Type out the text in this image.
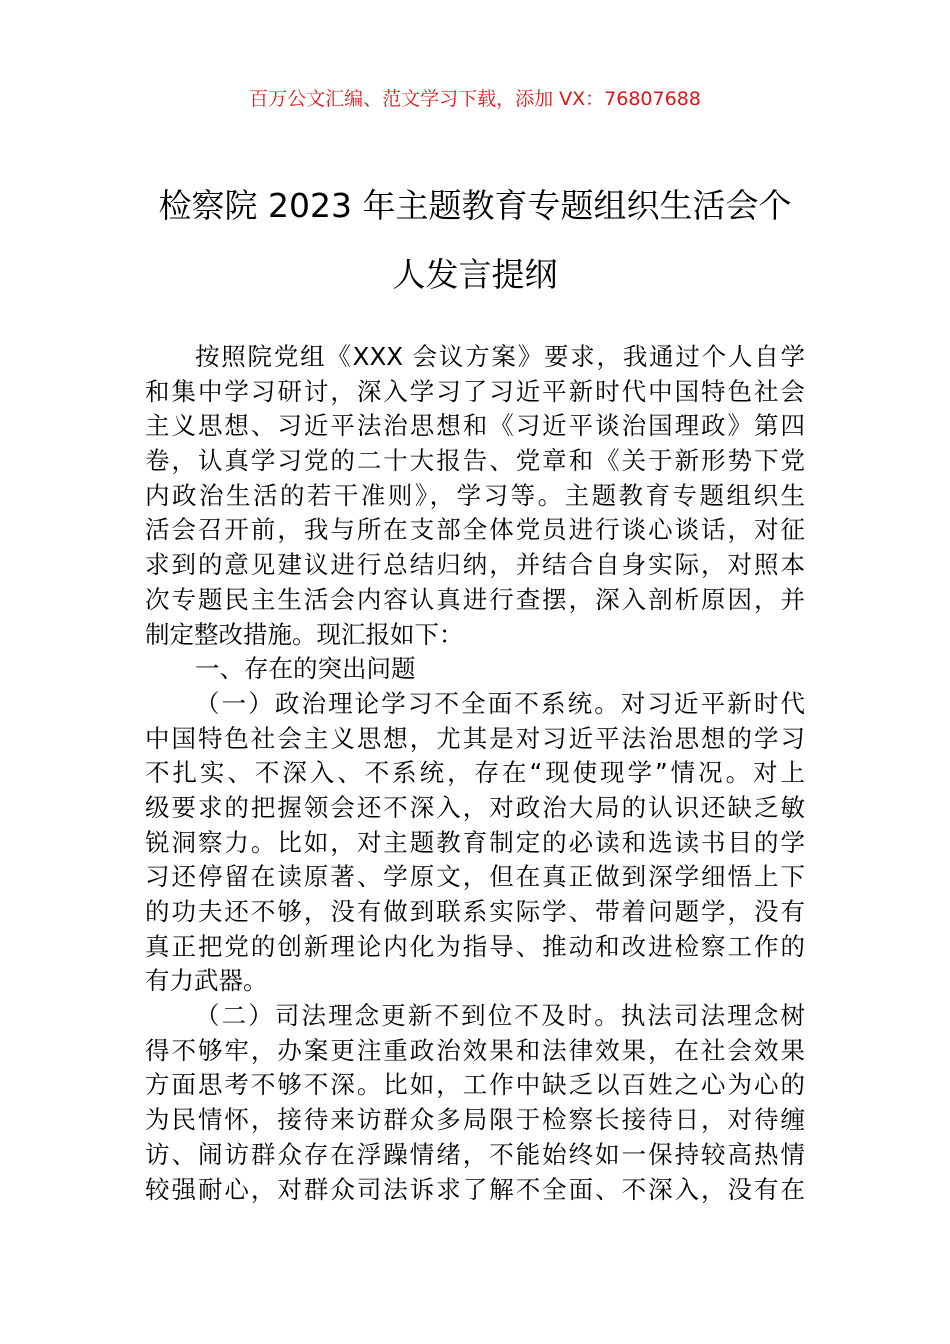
百万公文汇编、范文学习下载，添加 VX：76807688
检察院 2023 年主题教育专题组织生活会个
人发言提纲
按照院党组《XXX 会议方案》要求，我通过个人自学
和集中学习研讨，深入学习了习近平新时代中国特色社会
主义思想、习近平法治思想和《习近平谈治国理政》第四
卷，认真学习党的二十大报告、党章和《关于新形势下党
内政治生活的若干准则》，学习等。主题教育专题组织生
活会召开前，我与所在支部全体党员进行谈心谈话，对征
求到的意见建议进行总结归纳，并结合自身实际，对照本
次专题民主生活会内容认真进行查摆，深入剖析原因，并
制定整改措施。现汇报如下：
一、存在的突出问题
（一）政治理论学习不全面不系统。对习近平新时代
中国特色社会主义思想，尤其是对习近平法治思想的学习
不扎实、不深入、不系统，存在“现使现学”情况。对上
级要求的把握领会还不深入，对政治大局的认识还缺乏敏
锐洞察力。比如，对主题教育制定的必读和选读书目的学
习还停留在读原著、学原文，但在真正做到深学细悟上下
的功夫还不够，没有做到联系实际学、带着问题学，没有
真正把党的创新理论内化为指导、推动和改进检察工作的
有力武器。
（二）司法理念更新不到位不及时。执法司法理念树
得不够牢，办案更注重政治效果和法律效果，在社会效果
方面思考不够不深。比如，工作中缺乏以百姓之心为心的
为民情怀，接待来访群众多局限于检察长接待日，对待缠
访、闹访群众存在浮躁情绪，不能始终如一保持较高热情
较强耐心，对群众司法诉求了解不全面、不深入，没有在
